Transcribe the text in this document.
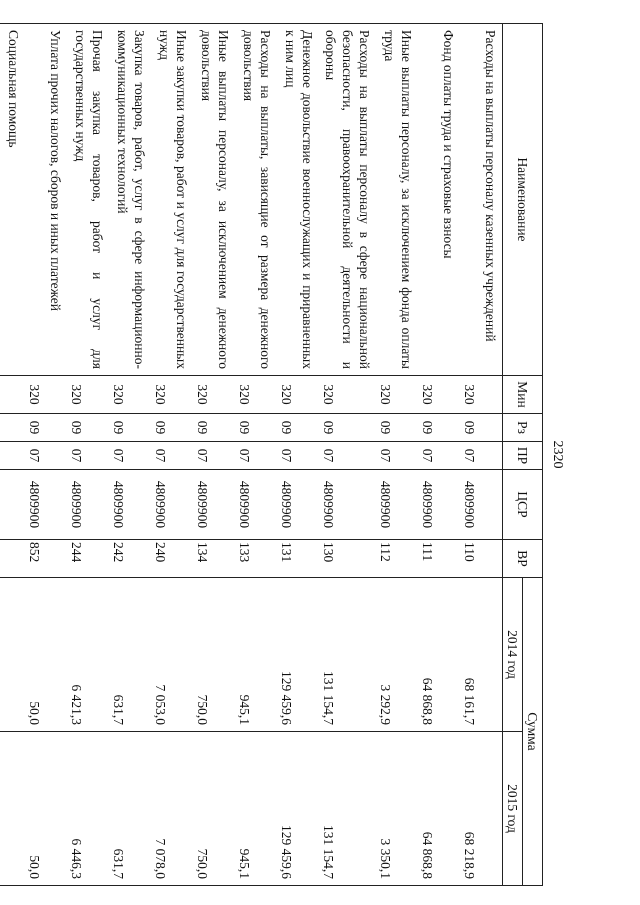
2320
Наименование	Мин	Рз	ПР	ЦСР	ВР	Сумма	
						2014 год	2015 год
Расходы на выплаты персоналу казенных учреждений	320	09	07	4809900	110	68 161,7	68 218,9
Фонд оплаты труда и страховые взносы	320	09	07	4809900	111	64 868,8	64 868,8
Иные выплаты персоналу, за исключением фонда оплаты труда	320	09	07	4809900	112	3 292,9	3 350,1
Расходы на выплаты персоналу в сфере национальной безопасности, правоохранительной деятельности и обороны	320	09	07	4809900	130	131 154,7	131 154,7
Денежное довольствие военнослужащих и приравненных к ним лиц	320	09	07	4809900	131	129 459,6	129 459,6
Расходы на выплаты, зависящие от размера денежного довольствия	320	09	07	4809900	133	945,1	945,1
Иные выплаты персоналу, за исключением денежного довольствия	320	09	07	4809900	134	750,0	750,0
Иные закупки товаров, работ и услуг для государственных нужд	320	09	07	4809900	240	7 053,0	7 078,0
Закупка товаров, работ, услуг в сфере информационно-коммуникационных технологий	320	09	07	4809900	242	631,7	631,7
Прочая закупка товаров, работ и услуг для государственных нужд	320	09	07	4809900	244	6 421,3	6 446,3
Уплата прочих налогов, сборов и иных платежей	320	09	07	4809900	852	50,0	50,0
Социальная помощь							
